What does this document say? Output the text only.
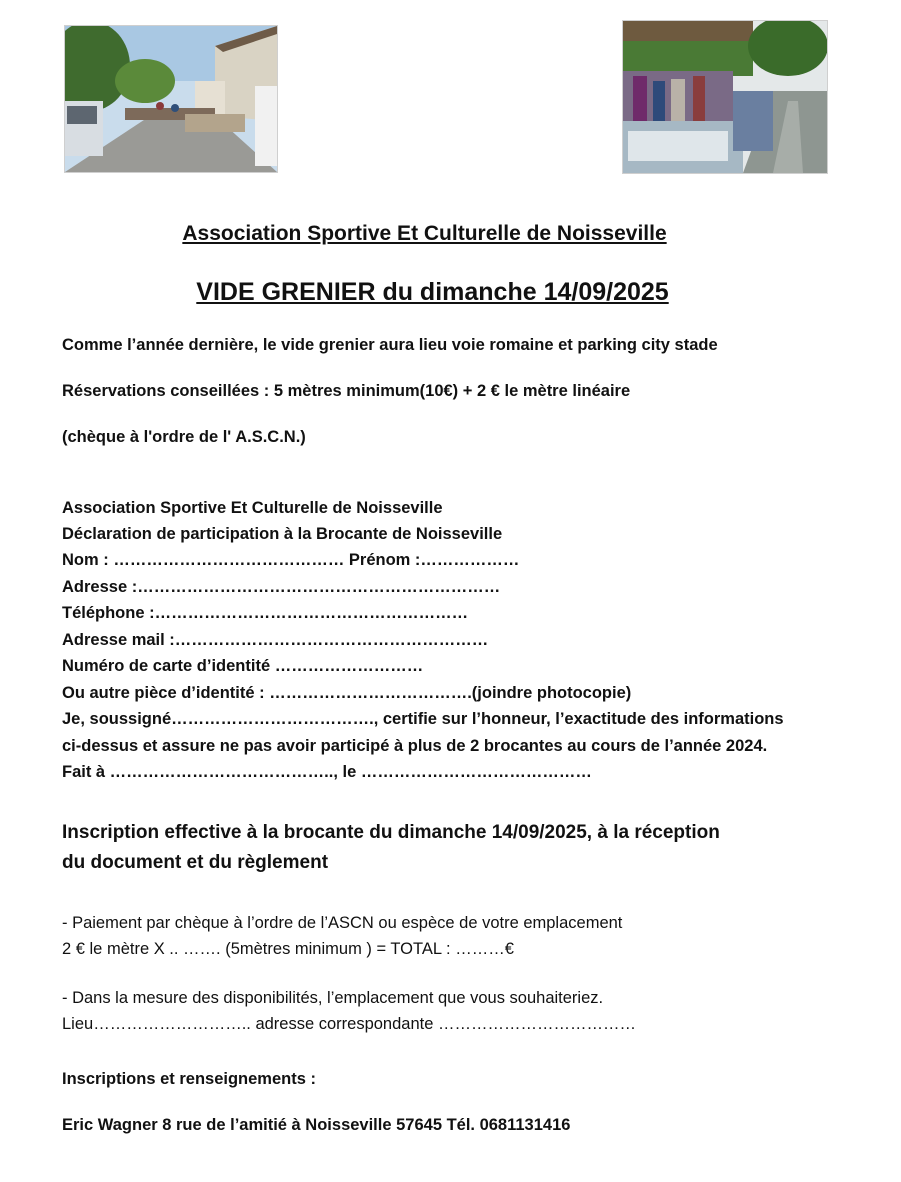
Association Sportive Et Culturelle de Noisseville
VIDE GRENIER du dimanche 14/09/2025
Comme l’année dernière, le vide grenier aura lieu voie romaine et parking city stade
Réservations conseillées : 5 mètres minimum(10€) + 2 € le mètre linéaire
(chèque à l'ordre de l' A.S.C.N.)
Association Sportive Et Culturelle de Noisseville
Déclaration de participation à la Brocante de Noisseville
Nom : …………………………………… Prénom :………………
Adresse :…………………………………………………………
Téléphone :…………………………………………………
Adresse mail :…………………………………………………
Numéro de carte d’identité ………………………
Ou autre pièce d’identité : ……………………………….(joindre photocopie)
Je, soussigné………………………………., certifie sur l’honneur, l’exactitude des informations
ci-dessus et assure ne pas avoir participé à plus de 2 brocantes au cours de l’année 2024.
Fait à ………………………………….., le ……………………………………
Inscription effective à la brocante du dimanche 14/09/2025, à la réception
du document et du règlement
- Paiement par chèque à l’ordre de l’ASCN ou espèce de votre emplacement
2 € le mètre X .. ……. (5mètres minimum ) = TOTAL : ………€
- Dans la mesure des disponibilités, l’emplacement que vous souhaiteriez.
Lieu……………………….. adresse correspondante ………………………………
Inscriptions et renseignements :
Eric Wagner 8 rue de l’amitié à Noisseville 57645 Tél. 0681131416
